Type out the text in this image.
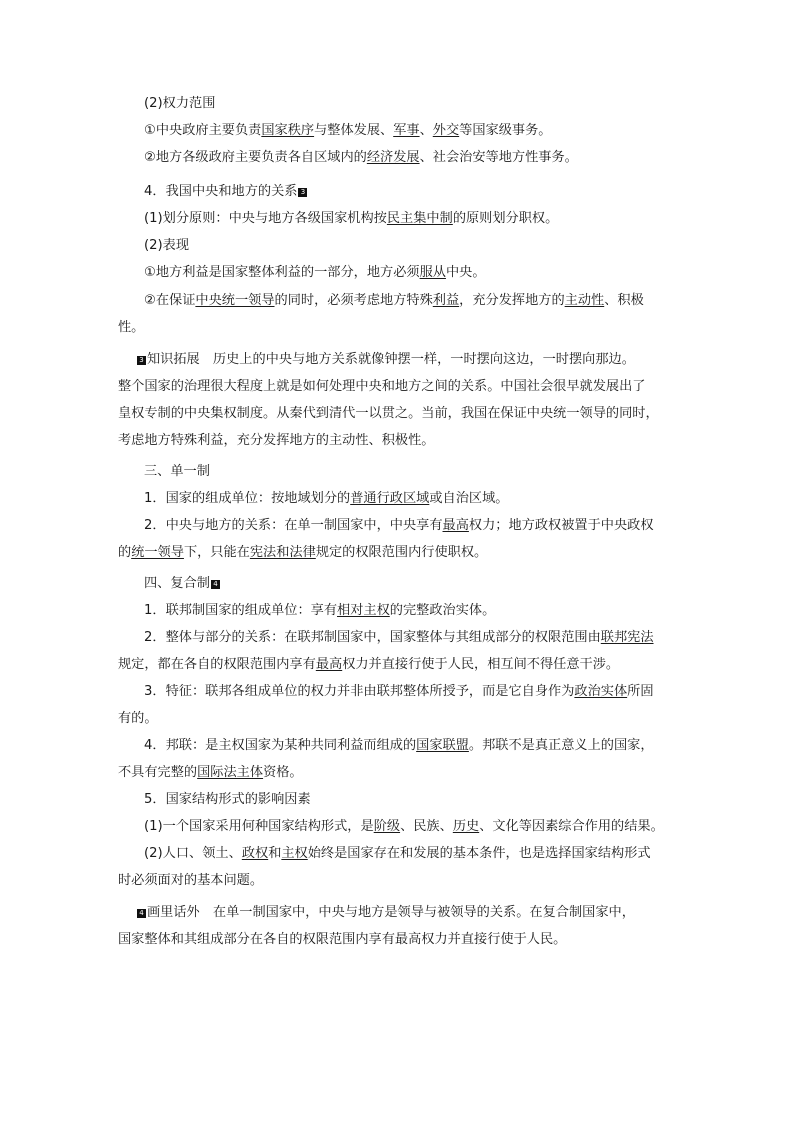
(2)权力范围
①中央政府主要负责国家秩序与整体发展、军事、外交等国家级事务。
②地方各级政府主要负责各自区域内的经济发展、社会治安等地方性事务。
4．我国中央和地方的关系 3
(1)划分原则：中央与地方各级国家机构按民主集中制的原则划分职权。
(2)表现
①地方利益是国家整体利益的一部分，地方必须服从中央。
②在保证中央统一领导的同时，必须考虑地方特殊利益，充分发挥地方的主动性、积极
性。
3 知识拓展　历史上的中央与地方关系就像钟摆一样，一时摆向这边，一时摆向那边。
整个国家的治理很大程度上就是如何处理中央和地方之间的关系。中国社会很早就发展出了
皇权专制的中央集权制度。从秦代到清代一以贯之。当前，我国在保证中央统一领导的同时，
考虑地方特殊利益，充分发挥地方的主动性、积极性。
三、单一制
1．国家的组成单位：按地域划分的普通行政区域或自治区域。
2．中央与地方的关系：在单一制国家中，中央享有最高权力；地方政权被置于中央政权
的统一领导下，只能在宪法和法律规定的权限范围内行使职权。
四、复合制 4
1．联邦制国家的组成单位：享有相对主权的完整政治实体。
2．整体与部分的关系：在联邦制国家中，国家整体与其组成部分的权限范围由联邦宪法
规定，都在各自的权限范围内享有最高权力并直接行使于人民，相互间不得任意干涉。
3．特征：联邦各组成单位的权力并非由联邦整体所授予，而是它自身作为政治实体所固
有的。
4．邦联：是主权国家为某种共同利益而组成的国家联盟。邦联不是真正意义上的国家，
不具有完整的国际法主体资格。
5．国家结构形式的影响因素
(1)一个国家采用何种国家结构形式，是阶级、民族、历史、文化等因素综合作用的结果。
(2)人口、领土、政权和主权始终是国家存在和发展的基本条件，也是选择国家结构形式
时必须面对的基本问题。
4 画里话外　在单一制国家中，中央与地方是领导与被领导的关系。在复合制国家中，
国家整体和其组成部分在各自的权限范围内享有最高权力并直接行使于人民。
